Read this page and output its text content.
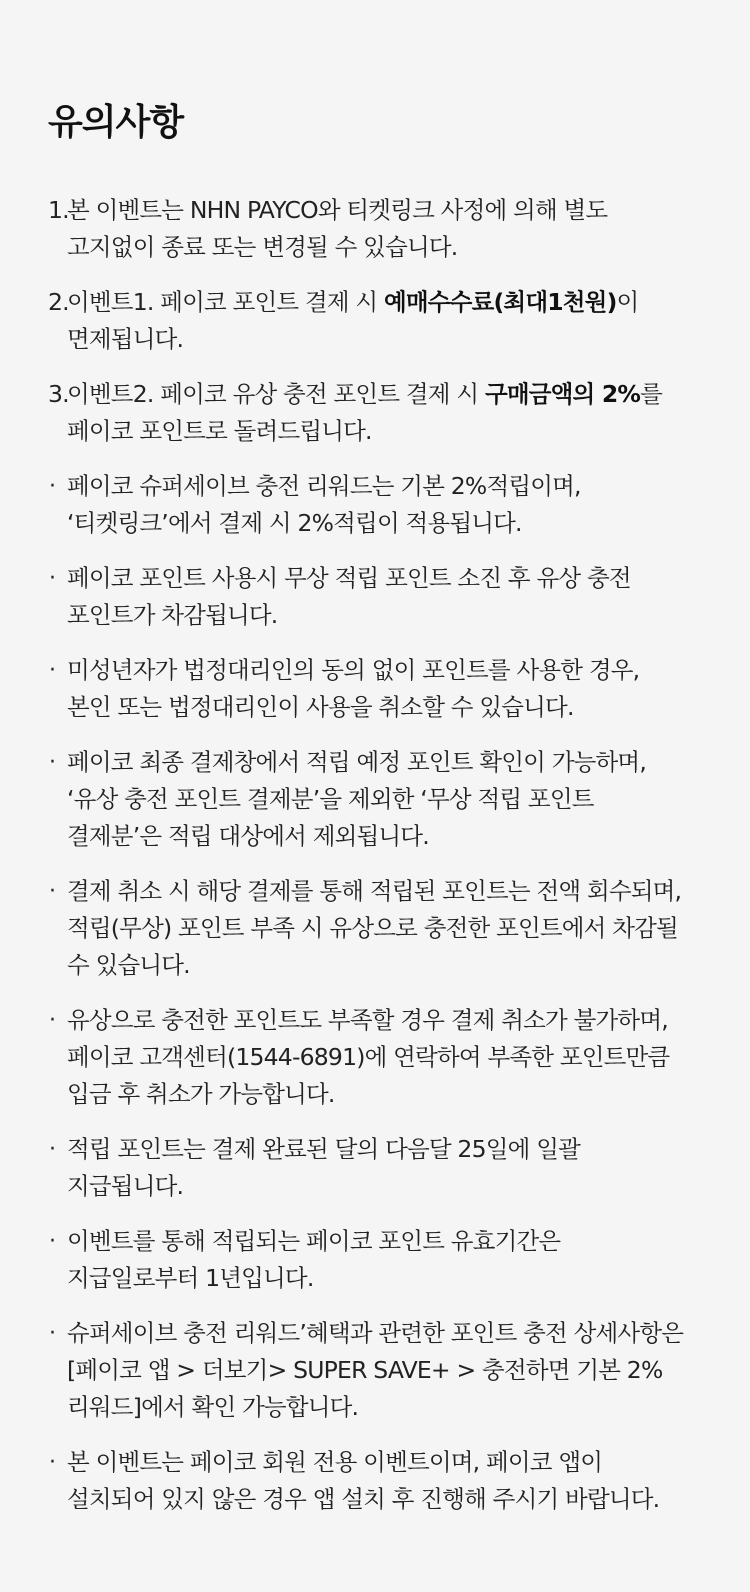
유의사항
1.
본 이벤트는 NHN PAYCO와 티켓링크 사정에 의해 별도 고지없이 종료 또는 변경될 수 있습니다.
2.
이벤트1. 페이코 포인트 결제 시 예매수수료(최대1천원)이 면제됩니다.
3.
이벤트2. 페이코 유상 충전 포인트 결제 시 구매금액의 2%를 페이코 포인트로 돌려드립니다.
· 페이코 슈퍼세이브 충전 리워드는 기본 2%적립이며, ‘티켓링크’에서 결제 시 2%적립이 적용됩니다.
· 페이코 포인트 사용시 무상 적립 포인트 소진 후 유상 충전 포인트가 차감됩니다.
· 미성년자가 법정대리인의 동의 없이 포인트를 사용한 경우, 본인 또는 법정대리인이 사용을 취소할 수 있습니다.
· 페이코 최종 결제창에서 적립 예정 포인트 확인이 가능하며, ‘유상 충전 포인트 결제분’을 제외한 ‘무상 적립 포인트 결제분’은 적립 대상에서 제외됩니다.
· 결제 취소 시 해당 결제를 통해 적립된 포인트는 전액 회수되며, 적립(무상) 포인트 부족 시 유상으로 충전한 포인트에서 차감될 수 있습니다.
· 유상으로 충전한 포인트도 부족할 경우 결제 취소가 불가하며, 페이코 고객센터(1544-6891)에 연락하여 부족한 포인트만큼 입금 후 취소가 가능합니다.
· 적립 포인트는 결제 완료된 달의 다음달 25일에 일괄 지급됩니다.
· 이벤트를 통해 적립되는 페이코 포인트 유효기간은 지급일로부터 1년입니다.
· 슈퍼세이브 충전 리워드’혜택과 관련한 포인트 충전 상세사항은 [페이코 앱 > 더보기> SUPER SAVE+ > 충전하면 기본 2%리워드]에서 확인 가능합니다.
· 본 이벤트는 페이코 회원 전용 이벤트이며, 페이코 앱이 설치되어 있지 않은 경우 앱 설치 후 진행해 주시기 바랍니다.
